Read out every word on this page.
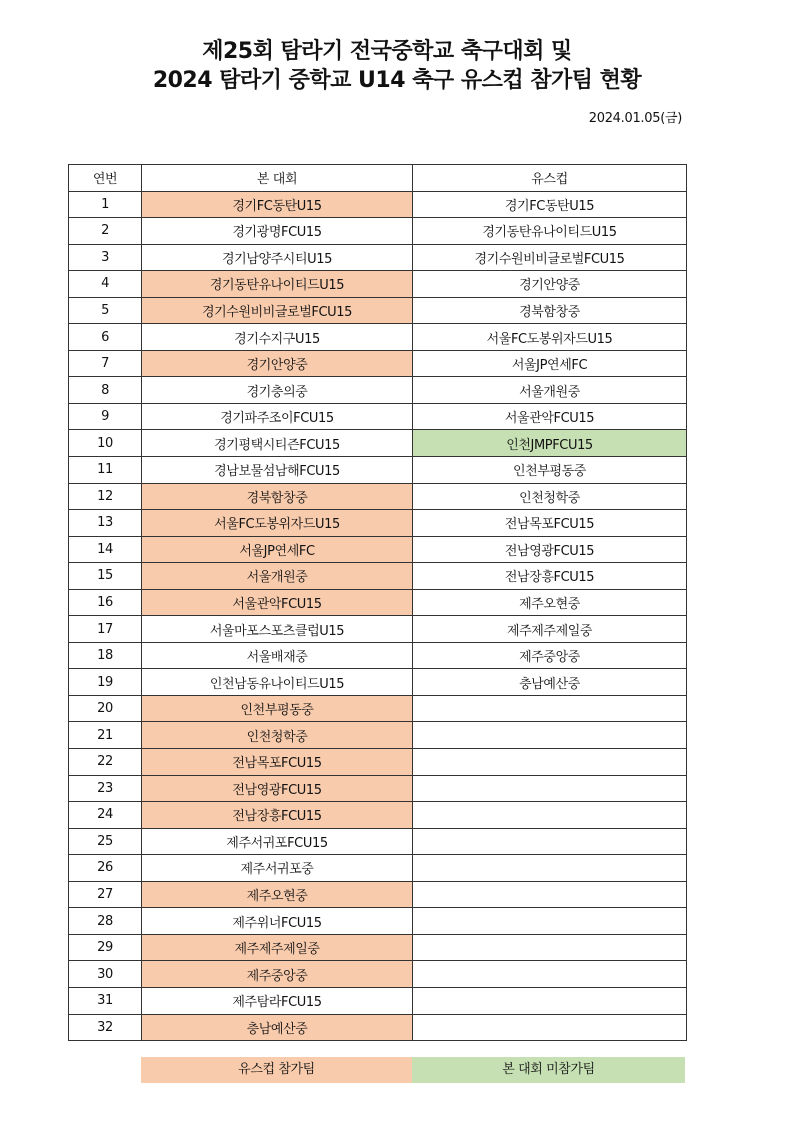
제25회 탐라기 전국중학교 축구대회 및
2024 탐라기 중학교 U14 축구 유스컵 참가팀 현황
2024.01.05(금)
연번	본 대회	유스컵
1	경기FC동탄U15	경기FC동탄U15
2	경기광명FCU15	경기동탄유나이티드U15
3	경기남양주시티U15	경기수원비비글로벌FCU15
4	경기동탄유나이티드U15	경기안양중
5	경기수원비비글로벌FCU15	경북함창중
6	경기수지구U15	서울FC도봉위자드U15
7	경기안양중	서울JP연세FC
8	경기충의중	서울개원중
9	경기파주조이FCU15	서울관악FCU15
10	경기평택시티즌FCU15	인천JMPFCU15
11	경남보물섬남해FCU15	인천부평동중
12	경북함창중	인천청학중
13	서울FC도봉위자드U15	전남목포FCU15
14	서울JP연세FC	전남영광FCU15
15	서울개원중	전남장흥FCU15
16	서울관악FCU15	제주오현중
17	서울마포스포츠클럽U15	제주제주제일중
18	서울배재중	제주중앙중
19	인천남동유나이티드U15	충남예산중
20	인천부평동중	
21	인천청학중	
22	전남목포FCU15	
23	전남영광FCU15	
24	전남장흥FCU15	
25	제주서귀포FCU15	
26	제주서귀포중	
27	제주오현중	
28	제주위너FCU15	
29	제주제주제일중	
30	제주중앙중	
31	제주탐라FCU15	
32	충남예산중	
유스컵 참가팀	본 대회 미참가팀
